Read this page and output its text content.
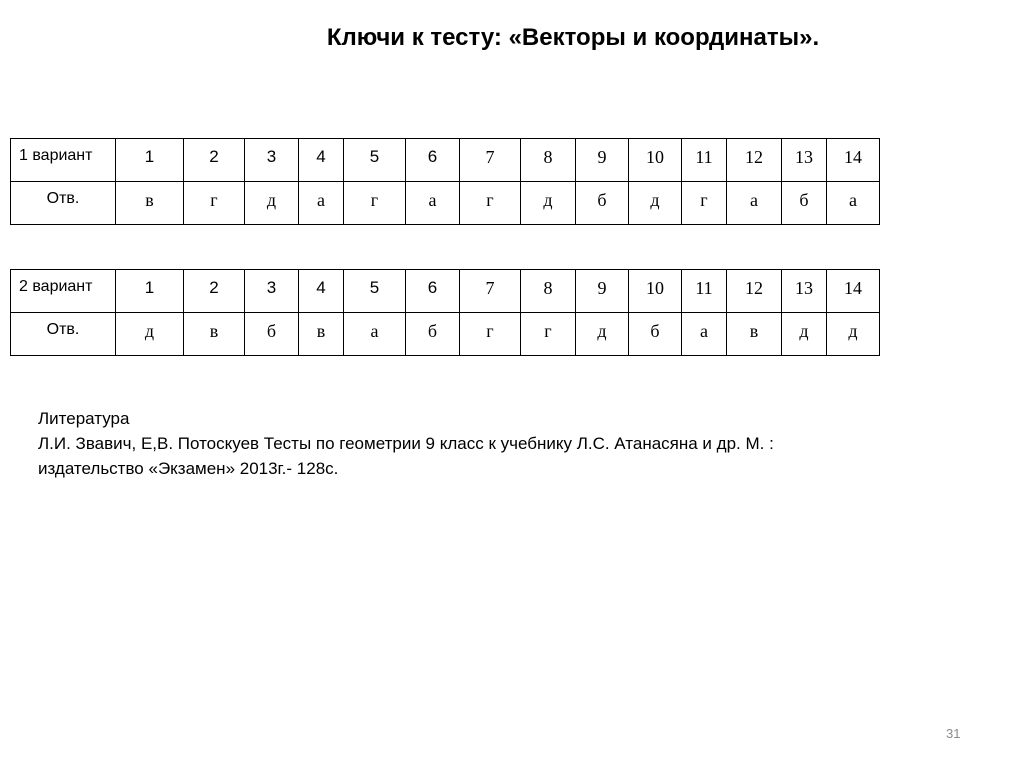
Ключи к тесту: «Векторы и координаты».
1 вариант	1	2	3	4	5	6	7	8	9	10	11	12	13	14
Отв.	в	г	д	а	г	а	г	д	б	д	г	а	б	а
2 вариант	1	2	3	4	5	6	7	8	9	10	11	12	13	14
Отв.	д	в	б	в	а	б	г	г	д	б	а	в	д	д
Литература
Л.И. Звавич, Е,В. Потоскуев Тесты по геометрии 9 класс к учебнику Л.С. Атанасяна и др. М. :
издательство «Экзамен» 2013г.- 128с.
31
